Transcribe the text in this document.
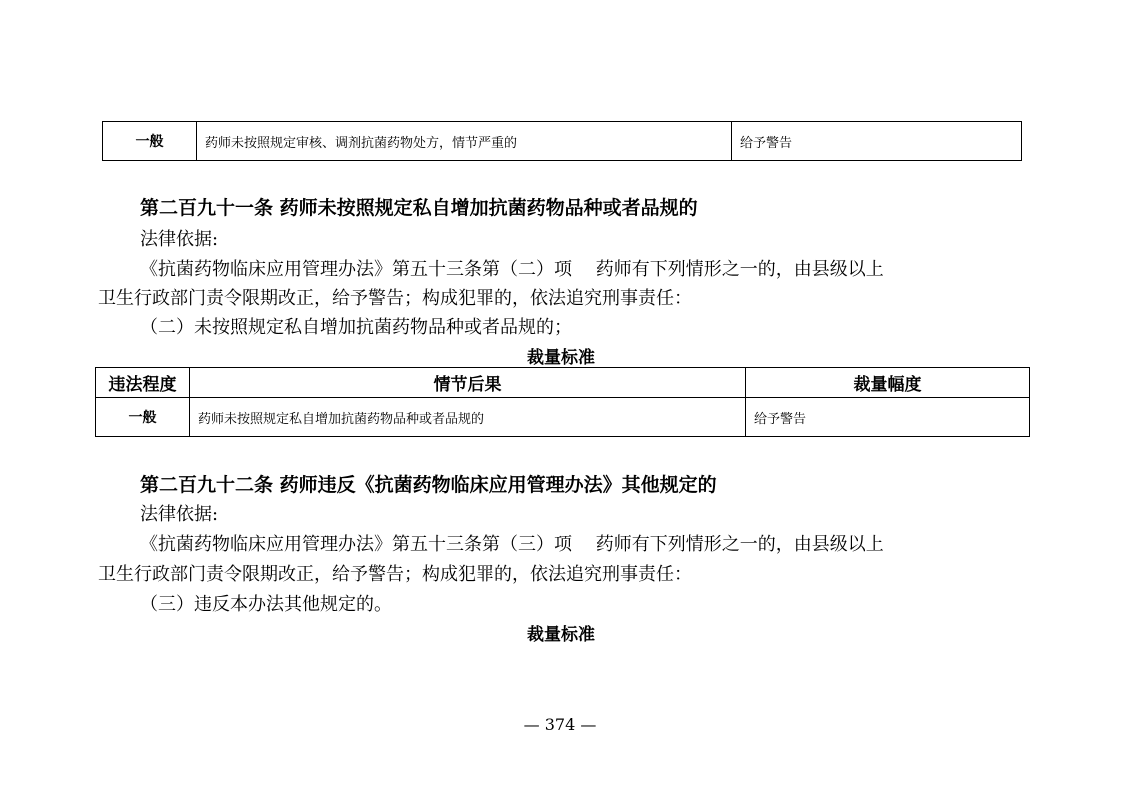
一般	药师未按照规定审核、调剂抗菌药物处方，情节严重的	给予警告
第二百九十一条 药师未按照规定私自增加抗菌药物品种或者品规的
法律依据:
《抗菌药物临床应用管理办法》第五十三条第（二）项　 药师有下列情形之一的，由县级以上
卫生行政部门责令限期改正，给予警告；构成犯罪的，依法追究刑事责任：
（二）未按照规定私自增加抗菌药物品种或者品规的；
裁量标准
违法程度	情节后果	裁量幅度
一般	药师未按照规定私自增加抗菌药物品种或者品规的	给予警告
第二百九十二条 药师违反《抗菌药物临床应用管理办法》其他规定的
法律依据:
《抗菌药物临床应用管理办法》第五十三条第（三）项　 药师有下列情形之一的，由县级以上
卫生行政部门责令限期改正，给予警告；构成犯罪的，依法追究刑事责任：
（三）违反本办法其他规定的。
裁量标准
— 374 —
